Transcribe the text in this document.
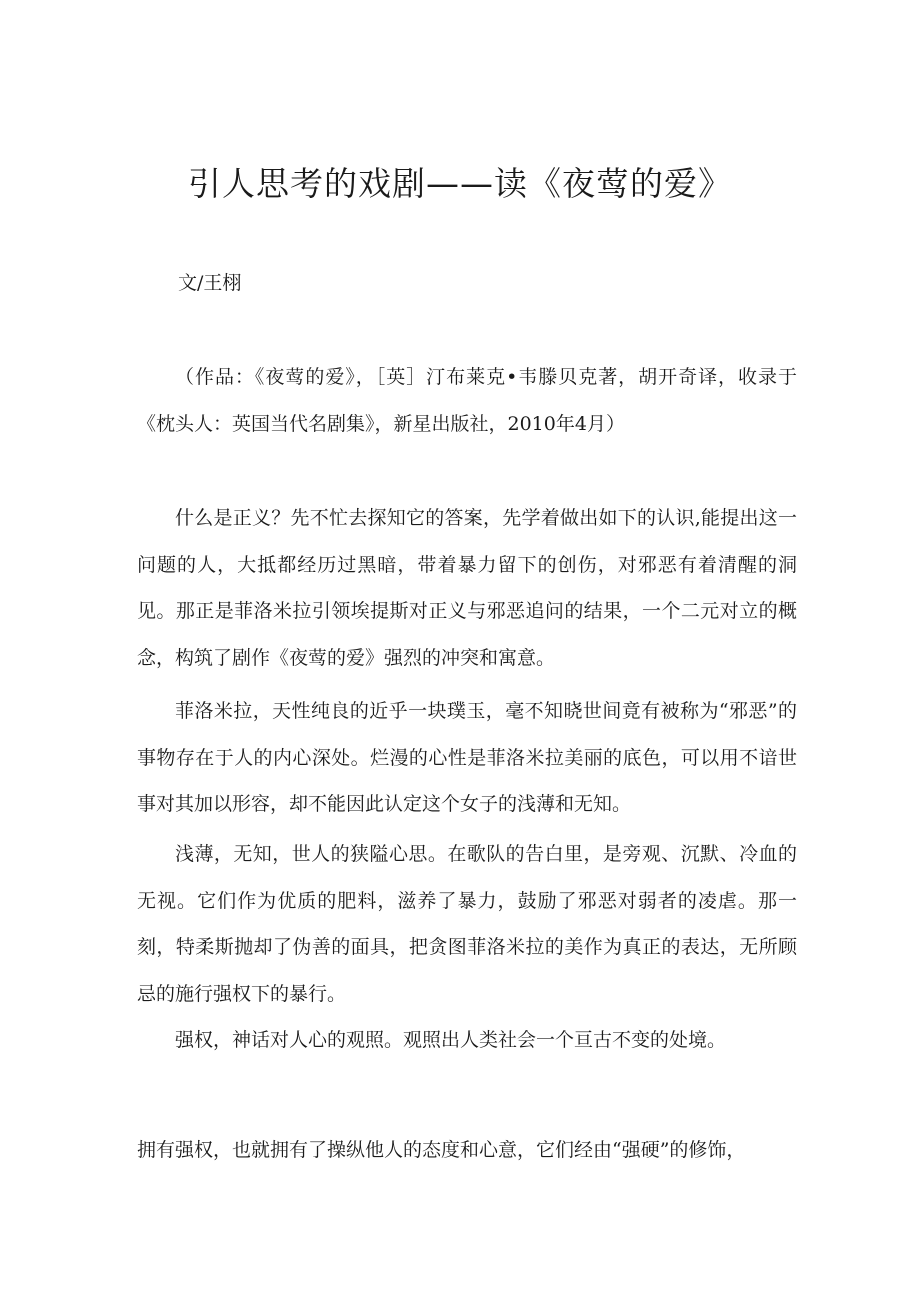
引人思考的戏剧——读《夜莺的爱》

文/王栩

（作品：《夜莺的爱》，［英］汀布莱克•韦滕贝克著，胡开奇译，收录于《枕头人：英国当代名剧集》，新星出版社，2010年4月）

什么是正义？先不忙去探知它的答案，先学着做出如下的认识,能提出这一问题的人，大抵都经历过黑暗，带着暴力留下的创伤，对邪恶有着清醒的洞见。那正是菲洛米拉引领埃提斯对正义与邪恶追问的结果，一个二元对立的概念，构筑了剧作《夜莺的爱》强烈的冲突和寓意。

菲洛米拉，天性纯良的近乎一块璞玉，毫不知晓世间竟有被称为“邪恶”的事物存在于人的内心深处。烂漫的心性是菲洛米拉美丽的底色，可以用不谙世事对其加以形容，却不能因此认定这个女子的浅薄和无知。

浅薄，无知，世人的狭隘心思。在歌队的告白里，是旁观、沉默、冷血的无视。它们作为优质的肥料，滋养了暴力，鼓励了邪恶对弱者的凌虐。那一刻，特柔斯抛却了伪善的面具，把贪图菲洛米拉的美作为真正的表达，无所顾忌的施行强权下的暴行。

强权，神话对人心的观照。观照出人类社会一个亘古不变的处境。

拥有强权，也就拥有了操纵他人的态度和心意，它们经由“强硬”的修饰，
